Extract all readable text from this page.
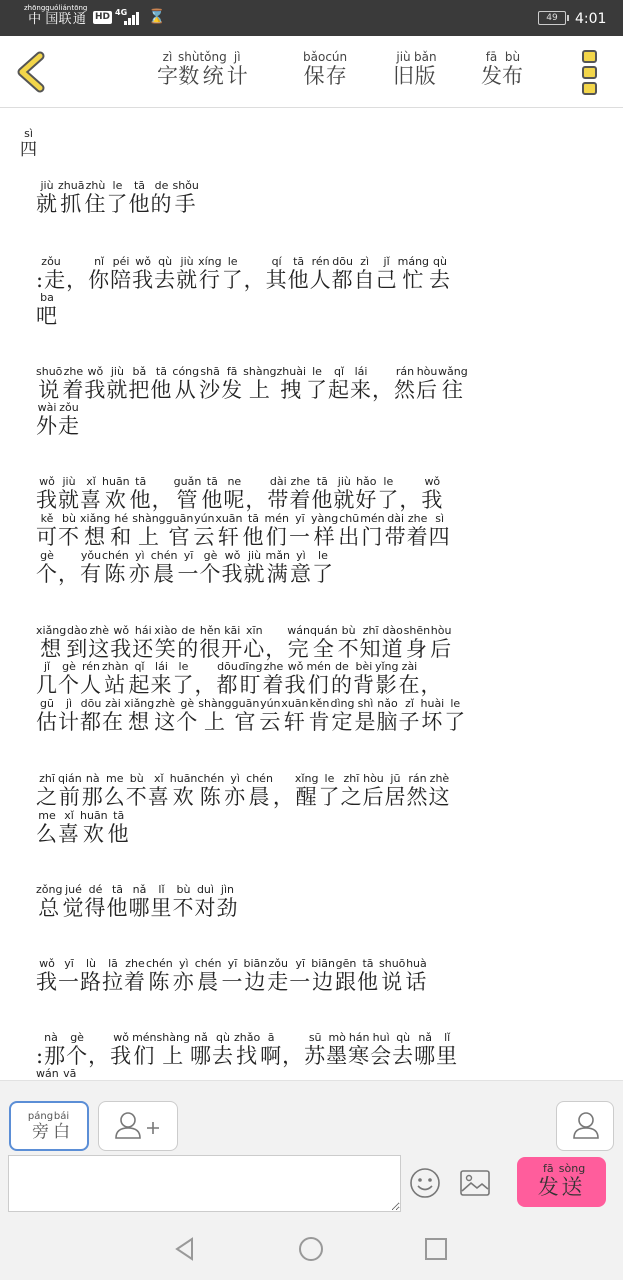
中zhōng国guó联lián通tōng
HD 4G ⌛	49	4:01
字zì数shù统tǒng计jì
保bǎo存cún
旧jiù版bǎn
发fā布bù
四sì
就jiù抓zhuā住zhù了le他tā的de手shǒu
:走zǒu，你nǐ陪péi我wǒ去qù就jiù行xíng了le，其qí他tā人rén都dōu自zì己jǐ忙máng去qù
吧ba
说shuō着zhe我wǒ就jiù把bǎ他tā从cóng沙shā发fā上shàng拽zhuài了le起qǐ来lái，然rán后hòu往wǎng
外wài走zǒu
我wǒ就jiù喜xǐ欢huān他tā，管guǎn他tā呢ne，带dài着zhe他tā就jiù好hǎo了le，我wǒ
可kě不bù想xiǎng和hé上shàng官guān云yún轩xuān他tā们mén一yī样yàng出chū门mén带dài着zhe四sì
个gè，有yǒu陈chén亦yì晨chén一yī个gè我wǒ就jiù满mǎn意yì了le
想xiǎng到dào这zhè我wǒ还hái笑xiào的de很hěn开kāi心xīn，完wán全quán不bù知zhī道dào身shēn后hòu
几jǐ个gè人rén站zhàn起qǐ来lái了le，都dōu盯dīng着zhe我wǒ们mén的de背bèi影yǐng在zài，
估gū计jì都dōu在zài想xiǎng这zhè个gè上shàng官guān云yún轩xuān肯kěn定dìng是shì脑nǎo子zǐ坏huài了le
之zhī前qián那nà么me不bù喜xǐ欢huān陈chén亦yì晨chén，醒xǐng了le之zhī后hòu居jū然rán这zhè
么me喜xǐ欢huān他tā
总zǒng觉jué得dé他tā哪nǎ里lǐ不bù对duì劲jìn
我wǒ一yī路lù拉lā着zhe陈chén亦yì晨chén一yī边biān走zǒu一yī边biān跟gēn他tā说shuō话huà
:那nà个gè，我wǒ们mén上shàng哪nǎ去qù找zhǎo啊ā，苏sū墨mò寒hán会huì去qù哪nǎ里lǐ
wán vā
旁páng白bái
发fā送sòng
